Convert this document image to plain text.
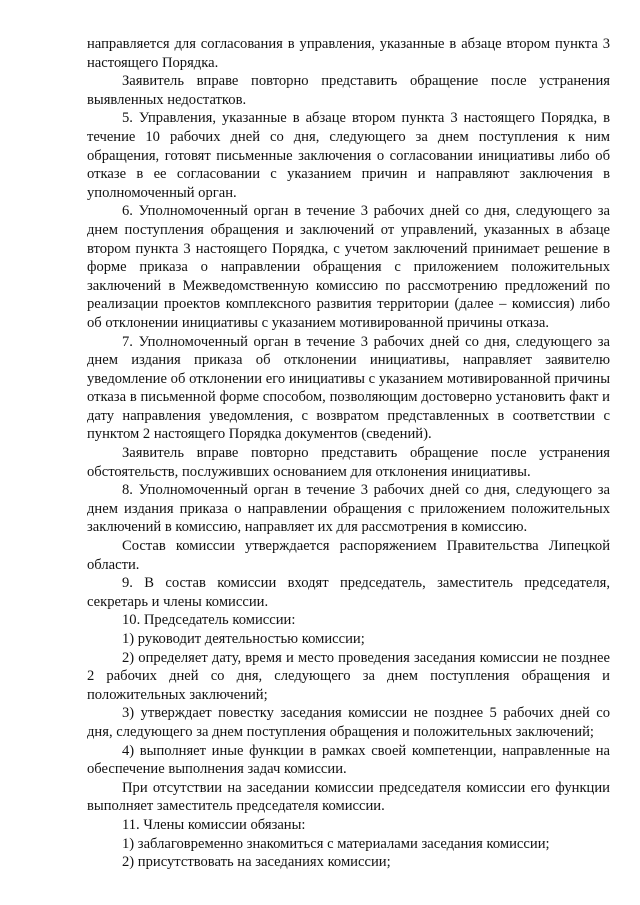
направляется для согласования в управления, указанные в абзаце втором пункта 3 настоящего Порядка.

Заявитель вправе повторно представить обращение после устранения выявленных недостатков.

5. Управления, указанные в абзаце втором пункта 3 настоящего Порядка, в течение 10 рабочих дней со дня, следующего за днем поступления к ним обращения, готовят письменные заключения о согласовании инициативы либо об отказе в ее согласовании с указанием причин и направляют заключения в уполномоченный орган.

6. Уполномоченный орган в течение 3 рабочих дней со дня, следующего за днем поступления обращения и заключений от управлений, указанных в абзаце втором пункта 3 настоящего Порядка, с учетом заключений принимает решение в форме приказа о направлении обращения с приложением положительных заключений в Межведомственную комиссию по рассмотрению предложений по реализации проектов комплексного развития территории (далее – комиссия) либо об отклонении инициативы с указанием мотивированной причины отказа.

7. Уполномоченный орган в течение 3 рабочих дней со дня, следующего за днем издания приказа об отклонении инициативы, направляет заявителю уведомление об отклонении его инициативы с указанием мотивированной причины отказа в письменной форме способом, позволяющим достоверно установить факт и дату направления уведомления, с возвратом представленных в соответствии с пунктом 2 настоящего Порядка документов (сведений).

Заявитель вправе повторно представить обращение после устранения обстоятельств, послуживших основанием для отклонения инициативы.

8. Уполномоченный орган в течение 3 рабочих дней со дня, следующего за днем издания приказа о направлении обращения с приложением положительных заключений в комиссию, направляет их для рассмотрения в комиссию.

Состав комиссии утверждается распоряжением Правительства Липецкой области.

9. В состав комиссии входят председатель, заместитель председателя, секретарь и члены комиссии.

10. Председатель комиссии:

1) руководит деятельностью комиссии;

2) определяет дату, время и место проведения заседания комиссии не позднее 2 рабочих дней со дня, следующего за днем поступления обращения и положительных заключений;

3) утверждает повестку заседания комиссии не позднее 5 рабочих дней со дня, следующего за днем поступления обращения и положительных заключений;

4) выполняет иные функции в рамках своей компетенции, направленные на обеспечение выполнения задач комиссии.

При отсутствии на заседании комиссии председателя комиссии его функции выполняет заместитель председателя комиссии.

11. Члены комиссии обязаны:

1) заблаговременно знакомиться с материалами заседания комиссии;

2) присутствовать на заседаниях комиссии;
